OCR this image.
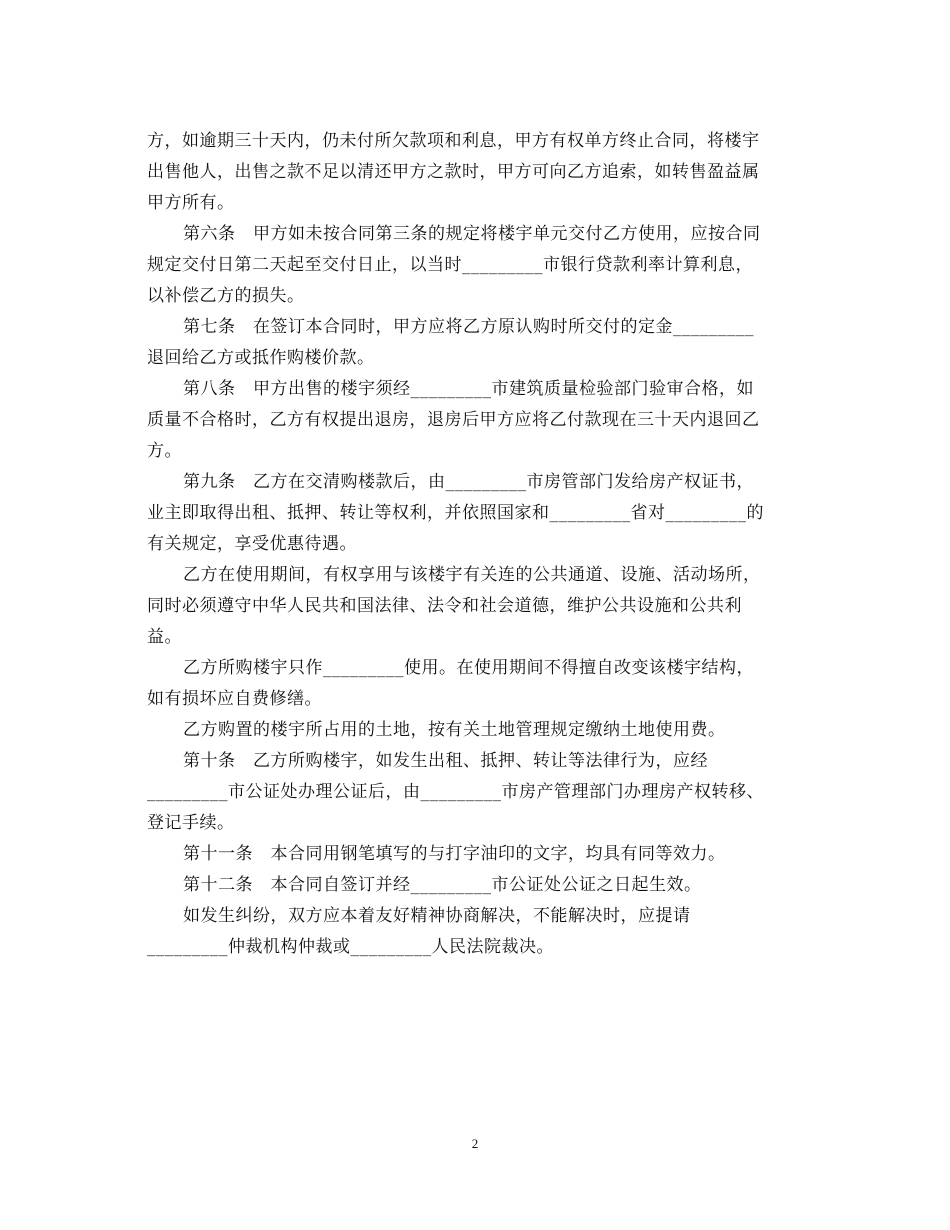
方，如逾期三十天内，仍未付所欠款项和利息，甲方有权单方终止合同，将楼宇
出售他人，出售之款不足以清还甲方之款时，甲方可向乙方追索，如转售盈益属
甲方所有。
第六条　甲方如未按合同第三条的规定将楼宇单元交付乙方使用，应按合同
规定交付日第二天起至交付日止，以当时_________市银行贷款利率计算利息，
以补偿乙方的损失。
第七条　在签订本合同时，甲方应将乙方原认购时所交付的定金_________
退回给乙方或抵作购楼价款。
第八条　甲方出售的楼宇须经_________市建筑质量检验部门验审合格，如
质量不合格时，乙方有权提出退房，退房后甲方应将乙付款现在三十天内退回乙
方。
第九条　乙方在交清购楼款后，由_________市房管部门发给房产权证书，
业主即取得出租、抵押、转让等权利，并依照国家和_________省对_________的
有关规定，享受优惠待遇。
乙方在使用期间，有权享用与该楼宇有关连的公共通道、设施、活动场所，
同时必须遵守中华人民共和国法律、法令和社会道德，维护公共设施和公共利
益。
乙方所购楼宇只作_________使用。在使用期间不得擅自改变该楼宇结构，
如有损坏应自费修缮。
乙方购置的楼宇所占用的土地，按有关土地管理规定缴纳土地使用费。
第十条　乙方所购楼宇，如发生出租、抵押、转让等法律行为，应经
_________市公证处办理公证后，由_________市房产管理部门办理房产权转移、
登记手续。
第十一条　本合同用钢笔填写的与打字油印的文字，均具有同等效力。
第十二条　本合同自签订并经_________市公证处公证之日起生效。
如发生纠纷，双方应本着友好精神协商解决，不能解决时，应提请
_________仲裁机构仲裁或_________人民法院裁决。
2
